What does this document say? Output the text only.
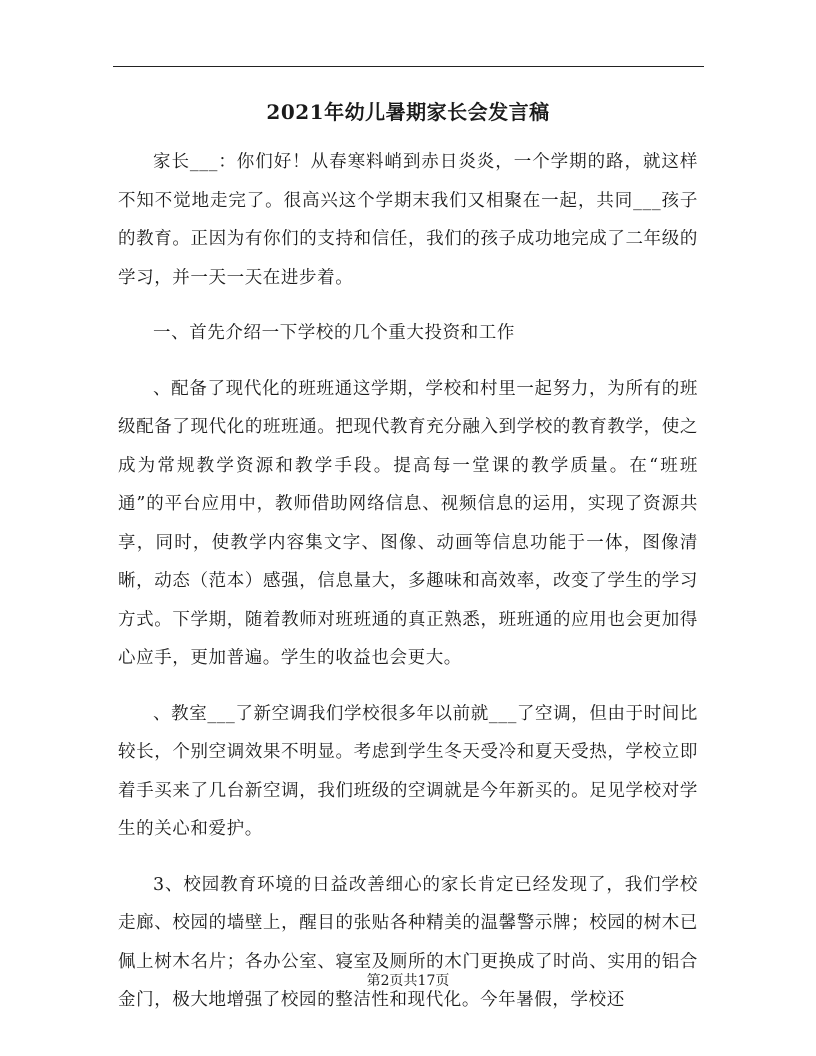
2021年幼儿暑期家长会发言稿

家长___：你们好！从春寒料峭到赤日炎炎，一个学期的路，就这样不知不觉地走完了。很高兴这个学期末我们又相聚在一起，共同___孩子的教育。正因为有你们的支持和信任，我们的孩子成功地完成了二年级的学习，并一天一天在进步着。

一、首先介绍一下学校的几个重大投资和工作

、配备了现代化的班班通这学期，学校和村里一起努力，为所有的班级配备了现代化的班班通。把现代教育充分融入到学校的教育教学，使之成为常规教学资源和教学手段。提高每一堂课的教学质量。在“班班通”的平台应用中，教师借助网络信息、视频信息的运用，实现了资源共享，同时，使教学内容集文字、图像、动画等信息功能于一体，图像清晰，动态（范本）感强，信息量大，多趣味和高效率，改变了学生的学习方式。下学期，随着教师对班班通的真正熟悉，班班通的应用也会更加得心应手，更加普遍。学生的收益也会更大。

、教室___了新空调我们学校很多年以前就___了空调，但由于时间比较长，个别空调效果不明显。考虑到学生冬天受冷和夏天受热，学校立即着手买来了几台新空调，我们班级的空调就是今年新买的。足见学校对学生的关心和爱护。

3、校园教育环境的日益改善细心的家长肯定已经发现了，我们学校走廊、校园的墙壁上，醒目的张贴各种精美的温馨警示牌；校园的树木已佩上树木名片；各办公室、寝室及厕所的木门更换成了时尚、实用的铝合金门，极大地增强了校园的整洁性和现代化。今年暑假，学校还

第2页共17页
